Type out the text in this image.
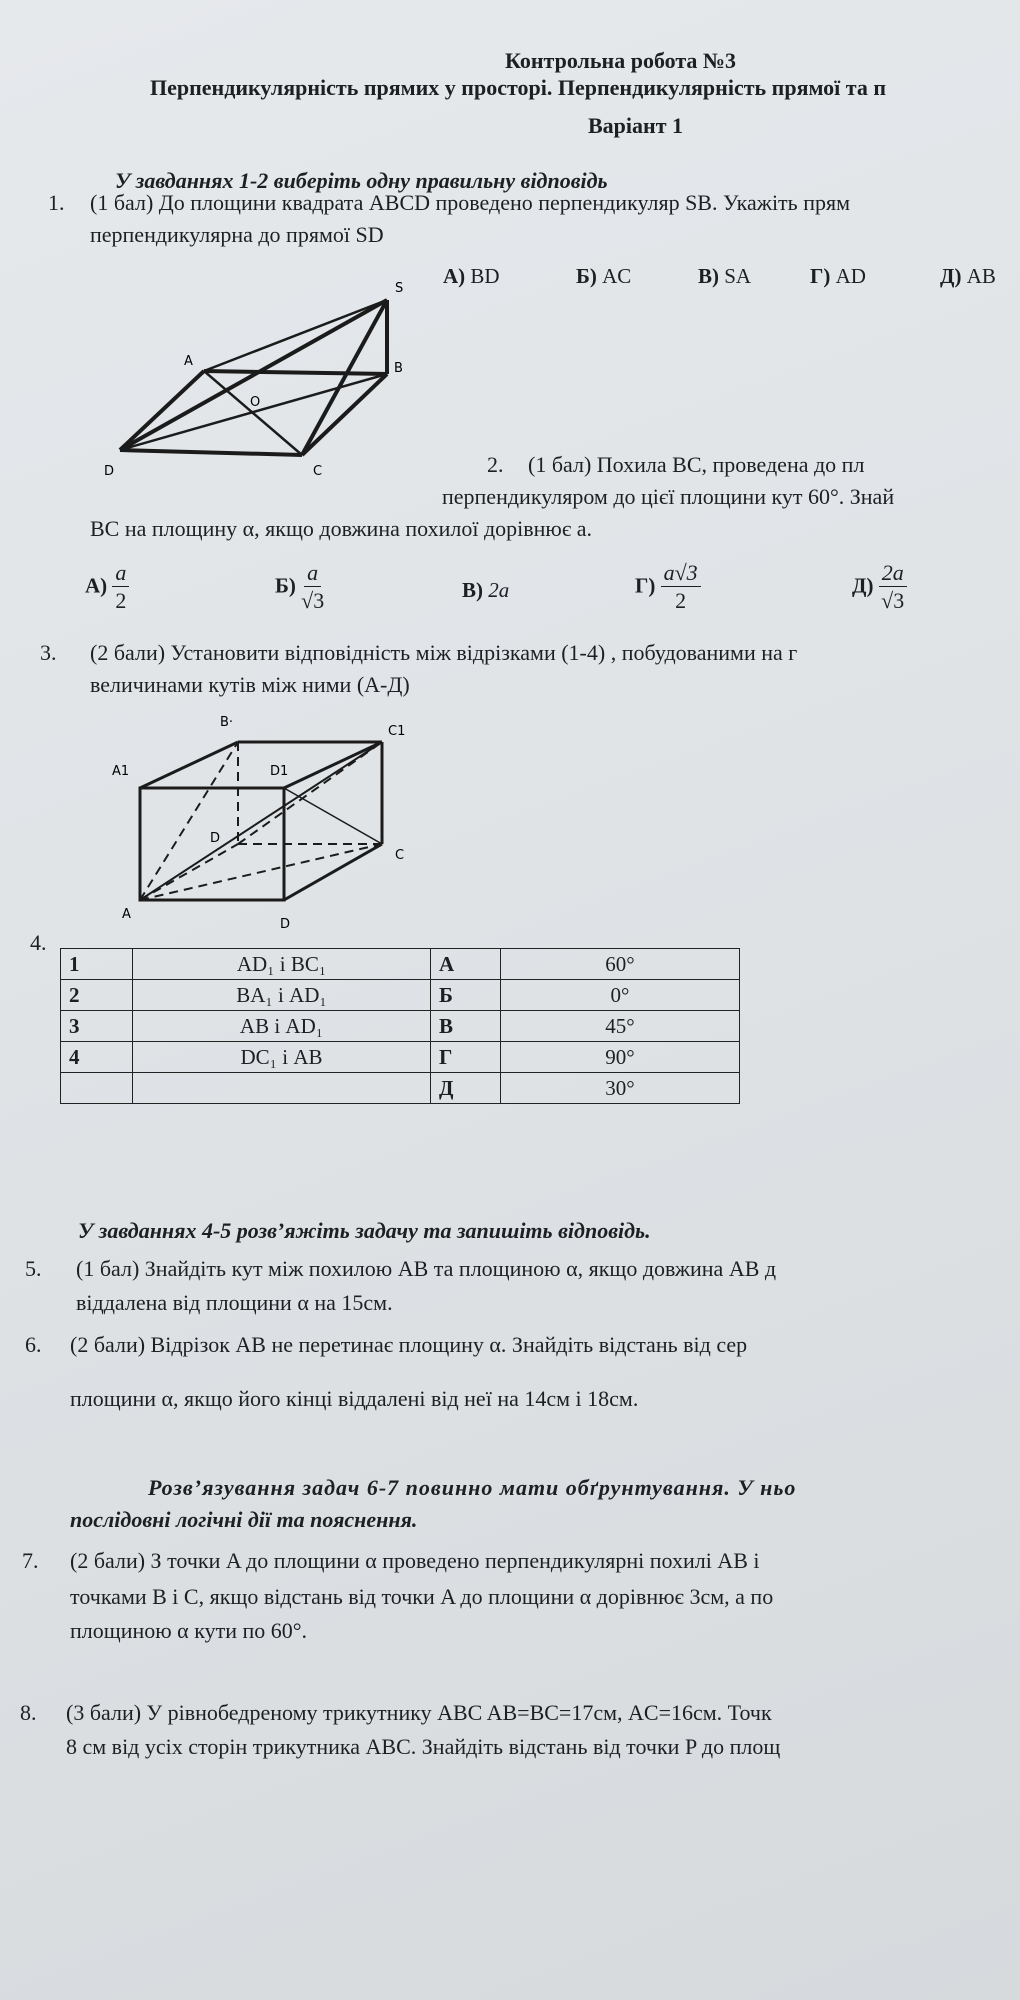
Контрольна робота №3
Перпендикулярність прямих у просторі. Перпендикулярність прямої та п
Варіант 1
У завданнях 1-2 виберіть одну правильну відповідь
1. (1 бал) До площини квадрата ABCD проведено перпендикуляр SB. Укажіть прям
перпендикулярна до прямої SD
А) BD	Б) AC	В) SA	Г) AD	Д) AB
S
A	B
O
D	C	2. (1 бал) Похила BC, проведена до пл
перпендикуляром до цієї площини кут 60°. Знай
BC на площину α, якщо довжина похилої дорівнює a.
$А) \frac{a}{2}$	$Б) \frac{a}{√3}$	В) 2a	$Г) \frac{a√3}{2}$	$Д) \frac{2a}{√3}$
3. (2 бали) Установити відповідність між відрізками (1-4) , побудованими на г
величинами кутів між ними (А-Д)
B·
C1
A1	D1
D
C
A
D
4.
1	AD₁ і BC₁	А	60°
2	BA₁ і AD₁	Б	0°
3	AB і AD₁	В	45°
4	DC₁ і AB	Г	90°
		Д	30°
У завданнях 4-5 розв’яжіть задачу та запишіть відповідь.
5. (1 бал) Знайдіть кут між похилою AB та площиною α, якщо довжина AB д
віддалена від площини α на 15см.
6. (2 бали) Відрізок AB не перетинає площину α. Знайдіть відстань від сер
площини α, якщо його кінці віддалені від неї на 14см і 18см.
Розв’язування задач 6-7 повинно мати обґрунтування. У ньо
послідовні логічні дії та пояснення.
7. (2 бали) З точки A до площини α проведено перпендикулярні похилі AB і
точками B і C, якщо відстань від точки A до площини α дорівнює 3см, а по
площиною α кути по 60°.
8. (3 бали) У рівнобедреному трикутнику ABC AB=BC=17см, AC=16см. Точк
8 см від усіх сторін трикутника ABC. Знайдіть відстань від точки P до площ
